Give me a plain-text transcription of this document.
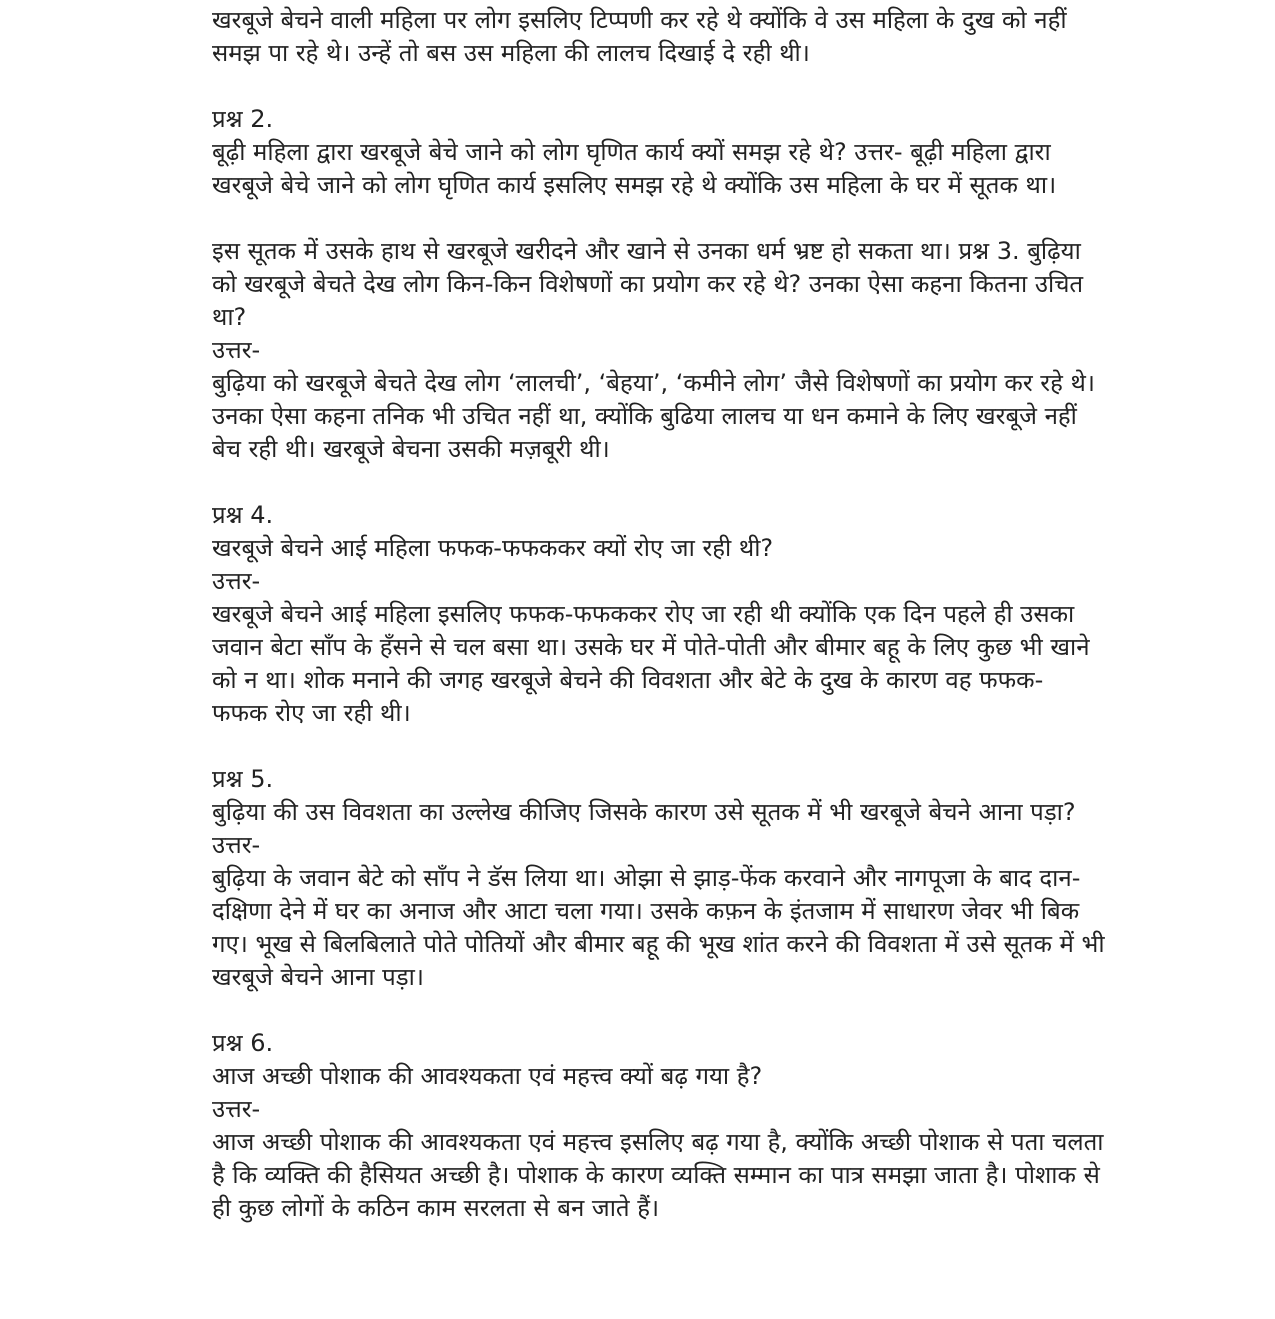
खरबूजे बेचने वाली महिला पर लोग इसलिए टिप्पणी कर रहे थे क्योंकि वे उस महिला के दुख को नहीं
समझ पा रहे थे। उन्हें तो बस उस महिला की लालच दिखाई दे रही थी।
प्रश्न 2.
बूढ़ी महिला द्वारा खरबूजे बेचे जाने को लोग घृणित कार्य क्यों समझ रहे थे? उत्तर- बूढ़ी महिला द्वारा
खरबूजे बेचे जाने को लोग घृणित कार्य इसलिए समझ रहे थे क्योंकि उस महिला के घर में सूतक था।
इस सूतक में उसके हाथ से खरबूजे खरीदने और खाने से उनका धर्म भ्रष्ट हो सकता था। प्रश्न 3. बुढ़िया
को खरबूजे बेचते देख लोग किन-किन विशेषणों का प्रयोग कर रहे थे? उनका ऐसा कहना कितना उचित
था?
उत्तर-
बुढ़िया को खरबूजे बेचते देख लोग ‘लालची’, ‘बेहया’, ‘कमीने लोग’ जैसे विशेषणों का प्रयोग कर रहे थे।
उनका ऐसा कहना तनिक भी उचित नहीं था, क्योंकि बुढिया लालच या धन कमाने के लिए खरबूजे नहीं
बेच रही थी। खरबूजे बेचना उसकी मज़बूरी थी।
प्रश्न 4.
खरबूजे बेचने आई महिला फफक-फफककर क्यों रोए जा रही थी?
उत्तर-
खरबूजे बेचने आई महिला इसलिए फफक-फफककर रोए जा रही थी क्योंकि एक दिन पहले ही उसका
जवान बेटा साँप के हँसने से चल बसा था। उसके घर में पोते-पोती और बीमार बहू के लिए कुछ भी खाने
को न था। शोक मनाने की जगह खरबूजे बेचने की विवशता और बेटे के दुख के कारण वह फफक-
फफक रोए जा रही थी।
प्रश्न 5.
बुढ़िया की उस विवशता का उल्लेख कीजिए जिसके कारण उसे सूतक में भी खरबूजे बेचने आना पड़ा?
उत्तर-
बुढ़िया के जवान बेटे को साँप ने डॅस लिया था। ओझा से झाड़-फेंक करवाने और नागपूजा के बाद दान-
दक्षिणा देने में घर का अनाज और आटा चला गया। उसके कफ़न के इंतजाम में साधारण जेवर भी बिक
गए। भूख से बिलबिलाते पोते पोतियों और बीमार बहू की भूख शांत करने की विवशता में उसे सूतक में भी
खरबूजे बेचने आना पड़ा।
प्रश्न 6.
आज अच्छी पोशाक की आवश्यकता एवं महत्त्व क्यों बढ़ गया है?
उत्तर-
आज अच्छी पोशाक की आवश्यकता एवं महत्त्व इसलिए बढ़ गया है, क्योंकि अच्छी पोशाक से पता चलता
है कि व्यक्ति की हैसियत अच्छी है। पोशाक के कारण व्यक्ति सम्मान का पात्र समझा जाता है। पोशाक से
ही कुछ लोगों के कठिन काम सरलता से बन जाते हैं।
